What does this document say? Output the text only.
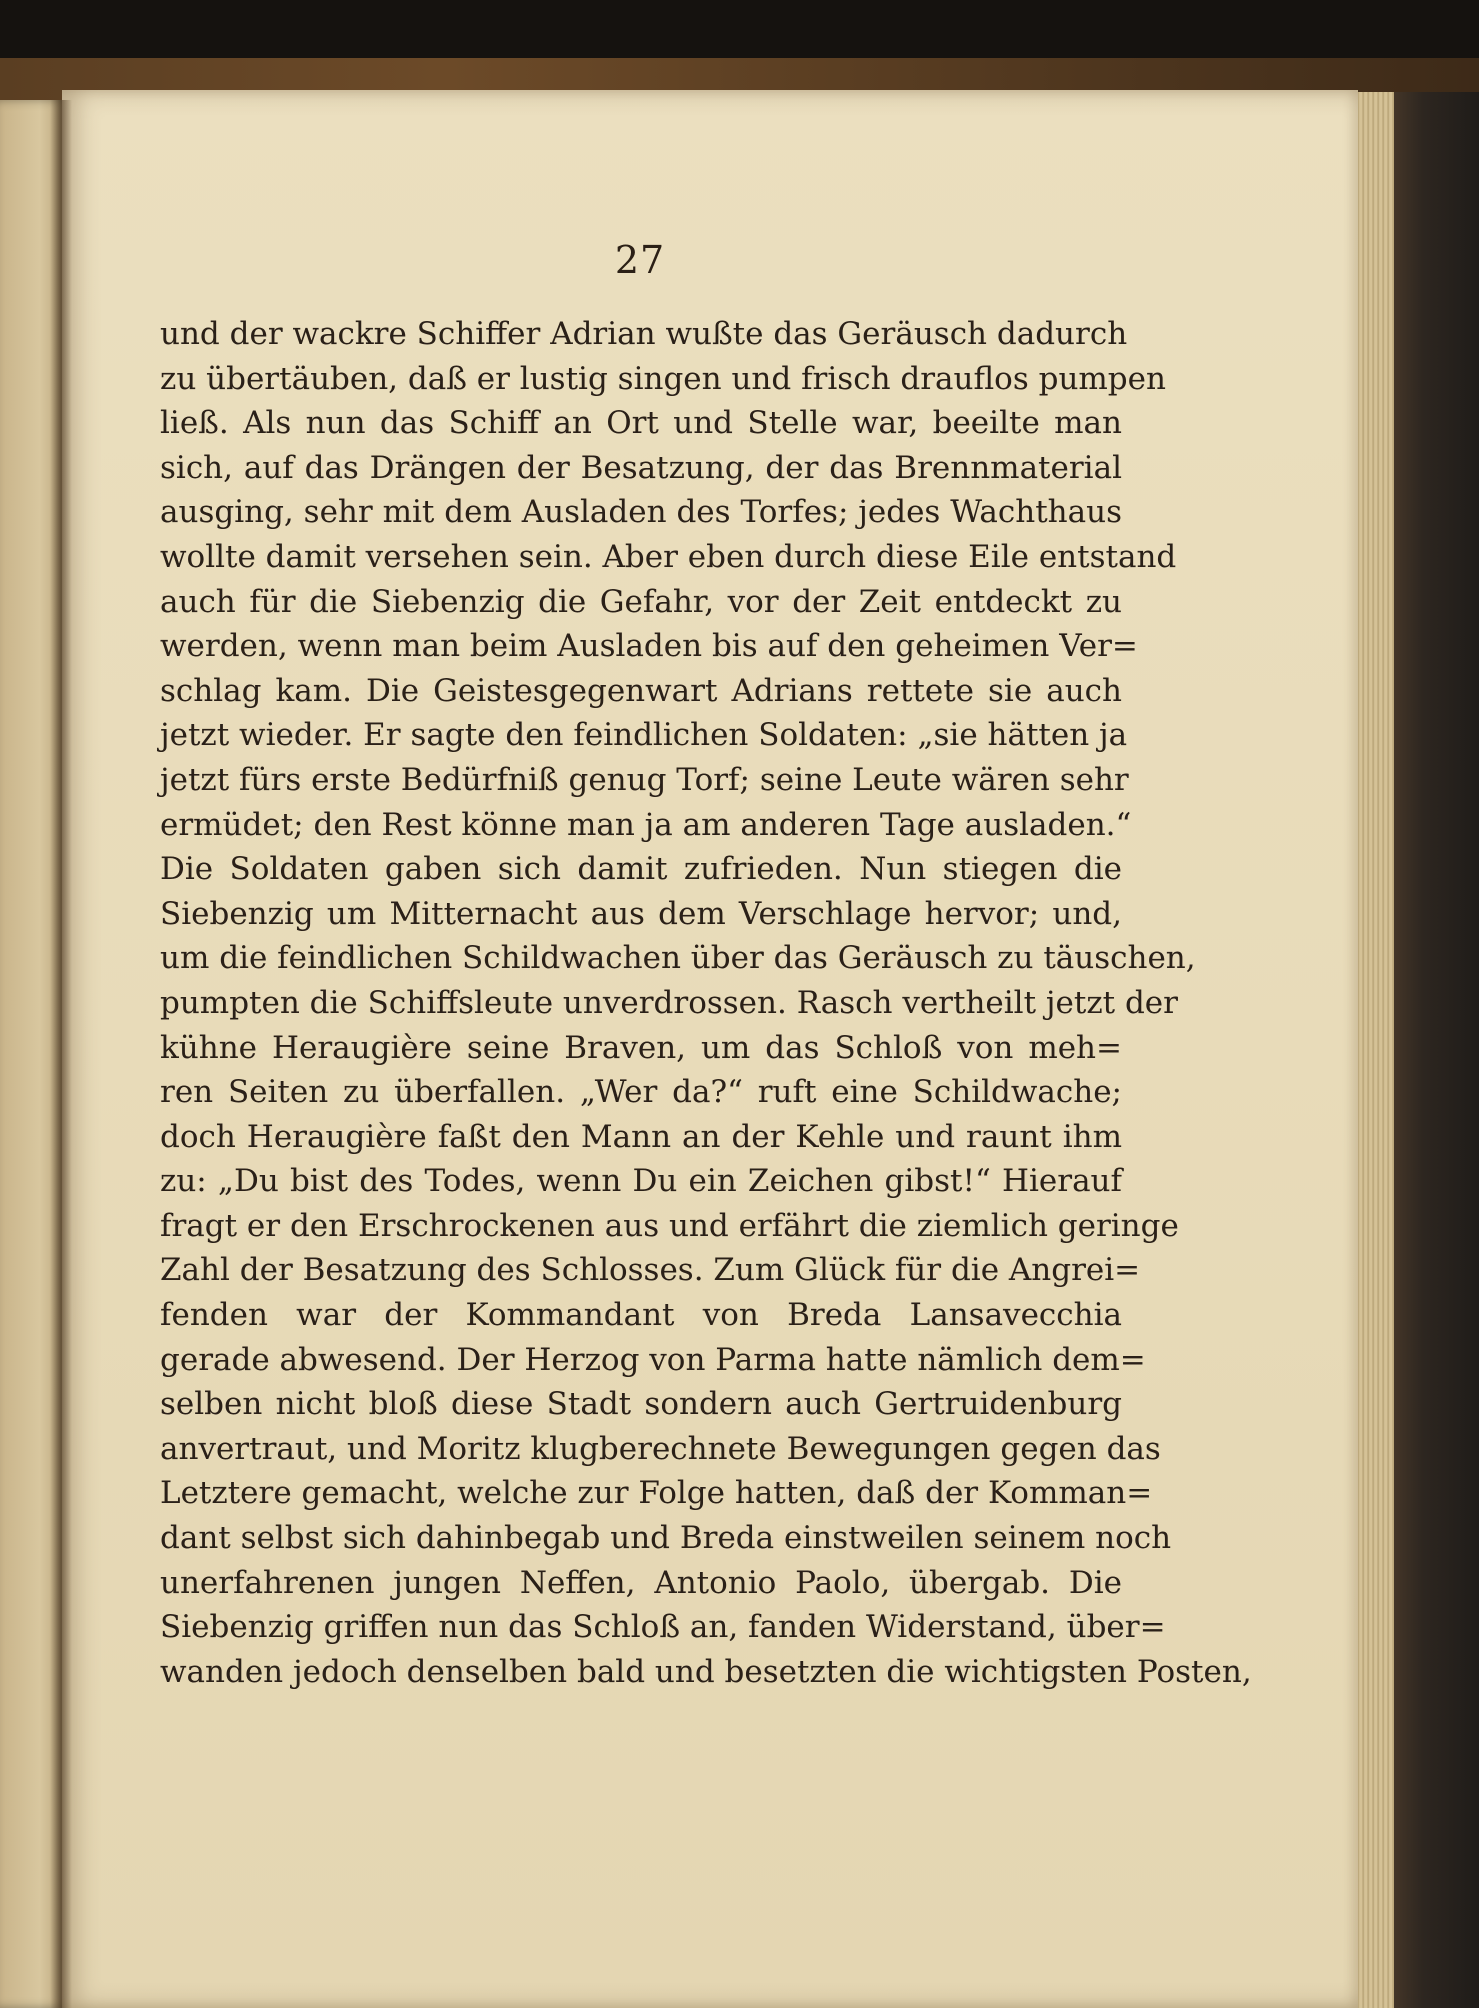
27
und der wackre Schiffer Adrian wußte das Geräusch dadurch
zu übertäuben, daß er lustig singen und frisch drauflos pumpen
ließ. Als nun das Schiff an Ort und Stelle war, beeilte man
sich, auf das Drängen der Besatzung, der das Brennmaterial
ausging, sehr mit dem Ausladen des Torfes; jedes Wachthaus
wollte damit versehen sein. Aber eben durch diese Eile entstand
auch für die Siebenzig die Gefahr, vor der Zeit entdeckt zu
werden, wenn man beim Ausladen bis auf den geheimen Ver=
schlag kam. Die Geistesgegenwart Adrians rettete sie auch
jetzt wieder. Er sagte den feindlichen Soldaten: „sie hätten ja
jetzt fürs erste Bedürfniß genug Torf; seine Leute wären sehr
ermüdet; den Rest könne man ja am anderen Tage ausladen.“
Die Soldaten gaben sich damit zufrieden. Nun stiegen die
Siebenzig um Mitternacht aus dem Verschlage hervor; und,
um die feindlichen Schildwachen über das Geräusch zu täuschen,
pumpten die Schiffsleute unverdrossen. Rasch vertheilt jetzt der
kühne Heraugière seine Braven, um das Schloß von meh=
ren Seiten zu überfallen. „Wer da?“ ruft eine Schildwache;
doch Heraugière faßt den Mann an der Kehle und raunt ihm
zu: „Du bist des Todes, wenn Du ein Zeichen gibst!“ Hierauf
fragt er den Erschrockenen aus und erfährt die ziemlich geringe
Zahl der Besatzung des Schlosses. Zum Glück für die Angrei=
fenden war der Kommandant von Breda Lansavecchia
gerade abwesend. Der Herzog von Parma hatte nämlich dem=
selben nicht bloß diese Stadt sondern auch Gertruidenburg
anvertraut, und Moritz klugberechnete Bewegungen gegen das
Letztere gemacht, welche zur Folge hatten, daß der Komman=
dant selbst sich dahinbegab und Breda einstweilen seinem noch
unerfahrenen jungen Neffen, Antonio Paolo, übergab. Die
Siebenzig griffen nun das Schloß an, fanden Widerstand, über=
wanden jedoch denselben bald und besetzten die wichtigsten Posten,
